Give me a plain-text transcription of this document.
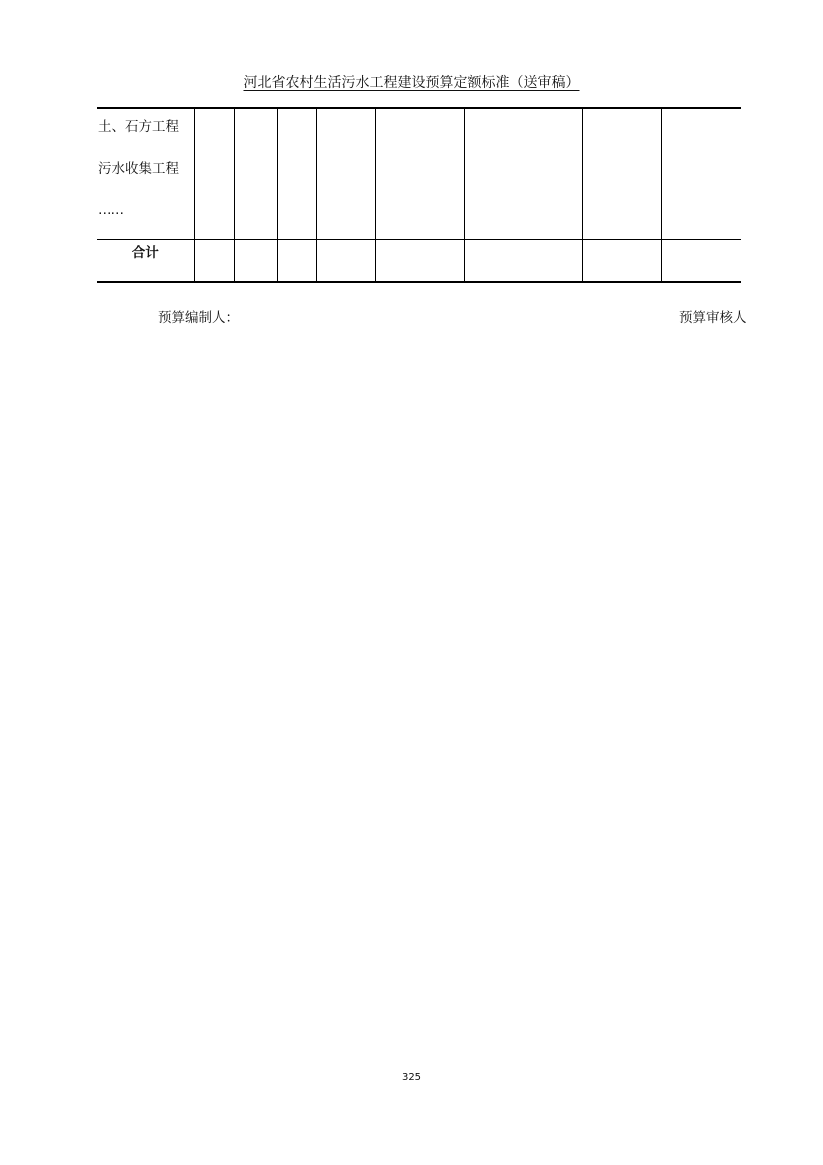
河北省农村生活污水工程建设预算定额标准（送审稿）
土、石方工程
污水收集工程
……								

合计								
预算编制人：	预算审核人
325
